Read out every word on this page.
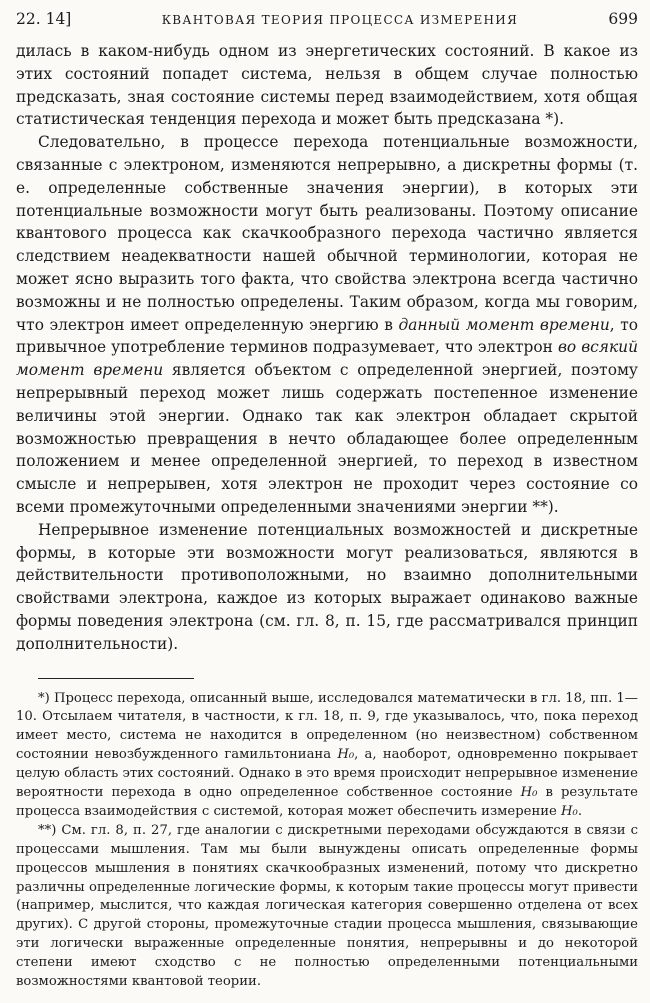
22. 14]	КВАНТОВАЯ ТЕОРИЯ ПРОЦЕССА ИЗМЕРЕНИЯ	699

дилась в каком-нибудь одном из энергетических состояний. В какое из этих состояний попадет система, нельзя в общем случае полностью предсказать, зная состояние системы перед взаимодействием, хотя общая статистическая тенденция перехода и может быть предсказана *).

Следовательно, в процессе перехода потенциальные возможности, связанные с электроном, изменяются непрерывно, а дискретны формы (т. е. определенные собственные значения энергии), в которых эти потенциальные возможности могут быть реализованы. Поэтому описание квантового процесса как скачкообразного перехода частично является следствием неадекватности нашей обычной терминологии, которая не может ясно выразить того факта, что свойства электрона всегда частично возможны и не полностью определены. Таким образом, когда мы говорим, что электрон имеет определенную энергию в данный момент времени, то привычное употребление терминов подразумевает, что электрон во всякий момент времени является объектом с определенной энергией, поэтому непрерывный переход может лишь содержать постепенное изменение величины этой энергии. Однако так как электрон обладает скрытой возможностью превращения в нечто обладающее более определенным положением и менее определенной энергией, то переход в известном смысле и непрерывен, хотя электрон не проходит через состояние со всеми промежуточными определенными значениями энергии **).

Непрерывное изменение потенциальных возможностей и дискретные формы, в которые эти возможности могут реализоваться, являются в действительности противоположными, но взаимно дополнительными свойствами электрона, каждое из которых выражает одинаково важные формы поведения электрона (см. гл. 8, п. 15, где рассматривался принцип дополнительности).

*) Процесс перехода, описанный выше, исследовался математически в гл. 18, пп. 1—10. Отсылаем читателя, в частности, к гл. 18, п. 9, где указывалось, что, пока переход имеет место, система не находится в определенном (но неизвестном) собственном состоянии невозбужденного гамильтониана H₀, а, наоборот, одновременно покрывает целую область этих состояний. Однако в это время происходит непрерывное изменение вероятности перехода в одно определенное собственное состояние H₀ в результате процесса взаимодействия с системой, которая может обеспечить измерение H₀.

**) См. гл. 8, п. 27, где аналогии с дискретными переходами обсуждаются в связи с процессами мышления. Там мы были вынуждены описать определенные формы процессов мышления в понятиях скачкообразных изменений, потому что дискретно различны определенные логические формы, к которым такие процессы могут привести (например, мыслится, что каждая логическая категория совершенно отделена от всех других). С другой стороны, промежуточные стадии процесса мышления, связывающие эти логически выраженные определенные понятия, непрерывны и до некоторой степени имеют сходство с не полностью определенными потенциальными возможностями квантовой теории.
